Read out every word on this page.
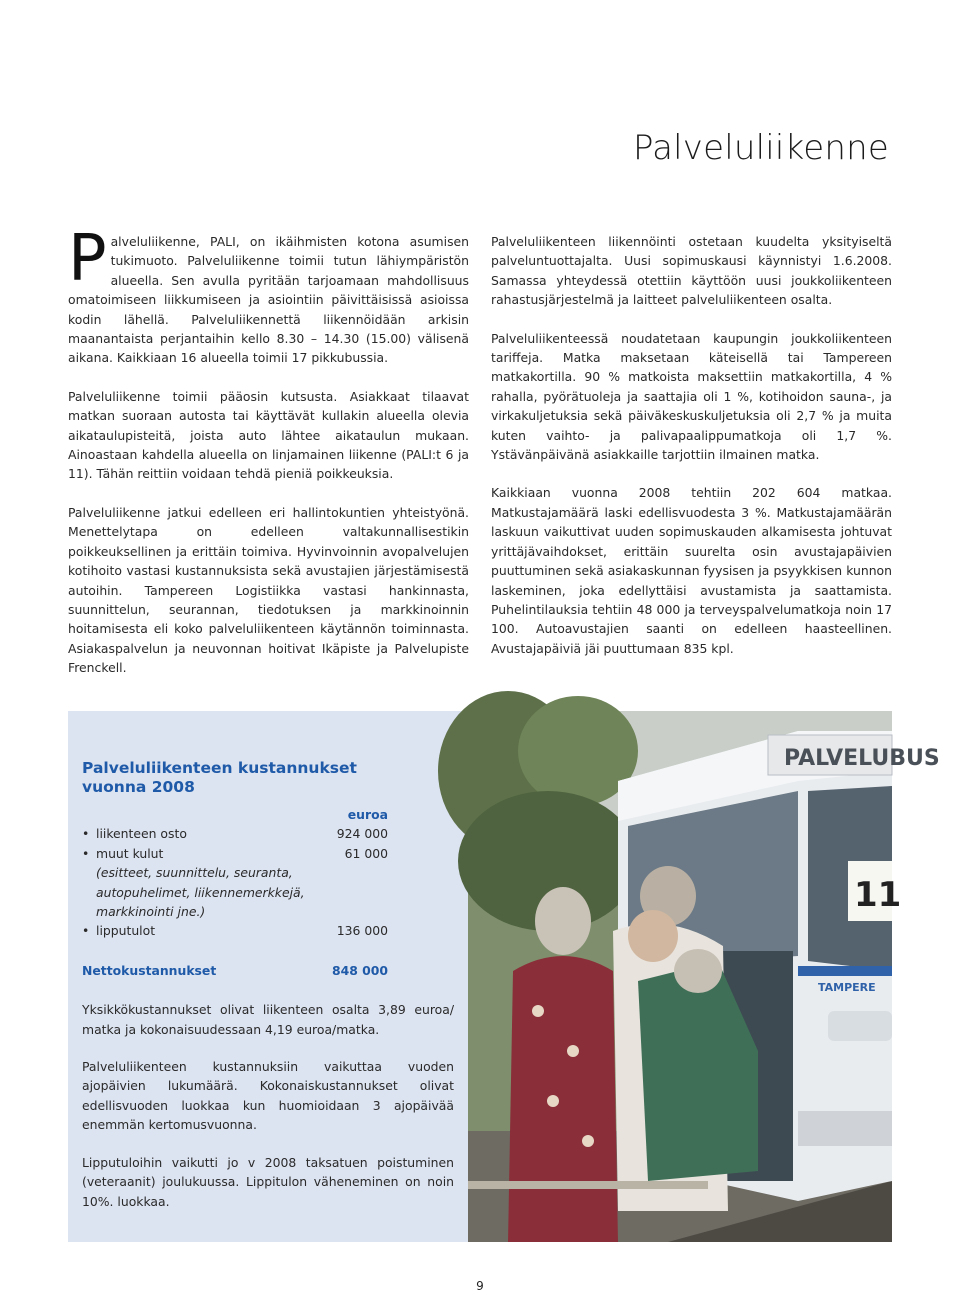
Palveluliikenne

Palveluliikenne, PALI, on ikäihmisten kotona asumisen tukimuoto. Palveluliikenne toimii tutun lähiympäristön alueella. Sen avulla pyritään tarjoamaan mahdollisuus omatoimiseen liikkumiseen ja asiointiin päivittäisissä asioissa kodin lähellä. Palveluliikennettä liikennöidään arkisin maanantaista perjantaihin kello 8.30 – 14.30 (15.00) välisenä aikana. Kaikkiaan 16 alueella toimii 17 pikkubussia.

Palveluliikenne toimii pääosin kutsusta. Asiakkaat tilaavat matkan suoraan autosta tai käyttävät kullakin alueella olevia aikataulupisteitä, joista auto lähtee aikataulun mukaan. Ainoastaan kahdella alueella on linjamainen liikenne (PALI:t 6 ja 11). Tähän reittiin voidaan tehdä pieniä poikkeuksia.

Palveluliikenne jatkui edelleen eri hallintokuntien yhteistyönä. Menettelytapa on edelleen valtakunnallisestikin poikkeuksellinen ja erittäin toimiva. Hyvinvoinnin avopalvelujen kotihoito vastasi kustannuksista sekä avustajien järjestämisestä autoihin. Tampereen Logistiikka vastasi hankinnasta, suunnittelun, seurannan, tiedotuksen ja markkinoinnin hoitamisesta eli koko palveluliikenteen käytännön toiminnasta. Asiakaspalvelun ja neuvonnan hoitivat Ikäpiste ja Palvelupiste Frenckell.

Palveluliikenteen liikennöinti ostetaan kuudelta yksityiseltä palveluntuottajalta. Uusi sopimuskausi käynnistyi 1.6.2008. Samassa yhteydessä otettiin käyttöön uusi joukkoliikenteen rahastusjärjestelmä ja laitteet palveluliikenteen osalta.

Palveluliikenteessä noudatetaan kaupungin joukkoliikenteen tariffeja. Matka maksetaan käteisellä tai Tampereen matkakortilla. 90 % matkoista maksettiin matkakortilla, 4 % rahalla, pyörätuoleja ja saattajia oli 1 %, kotihoidon sauna-, ja virkakuljetuksia sekä päiväkeskuskuljetuksia oli 2,7 % ja muita kuten vaihto- ja palivapaalippumatkoja oli 1,7 %. Ystävänpäivänä asiakkaille tarjottiin ilmainen matka.

Kaikkiaan vuonna 2008 tehtiin 202 604 matkaa. Matkustajamäärä laski edellisvuodesta 3 %. Matkustajamäärän laskuun vaikuttivat uuden sopimuskauden alkamisesta johtuvat yrittäjävaihdokset, erittäin suurelta osin avustajapäivien puuttuminen sekä asiakaskunnan fyysisen ja psyykkisen kunnon laskeminen, joka edellyttäisi avustamista ja saattamista. Puhelintilauksia tehtiin 48 000 ja terveyspalvelumatkoja noin 17 100. Autoavustajien saanti on edelleen haasteellinen. Avustajapäiviä jäi puuttumaan 835 kpl.

Palveluliikenteen kustannukset
vuonna 2008
	euroa
• liikenteen osto	924 000
• muut kulut	61 000
(esitteet, suunnittelu, seuranta, autopuhelimet, liikennemerkkejä, markkinointi jne.)	
• lipputulot	136 000
Nettokustannukset	848 000

Yksikkökustannukset olivat liikenteen osalta 3,89 euroa/ matka ja kokonaisuudessaan 4,19 euroa/matka.

Palveluliikenteen kustannuksiin vaikuttaa vuoden ajopäivien lukumäärä. Kokonaiskustannukset olivat edellisvuoden luokkaa kun huomioidaan 3 ajopäivää enemmän kertomusvuonna.

Lipputuloihin vaikutti jo v 2008 taksatuen poistuminen (veteraanit) joulukuussa. Lippitulon väheneminen on noin 10%. luokkaa.

PALVELUBUS
11
TAMPERE
9
